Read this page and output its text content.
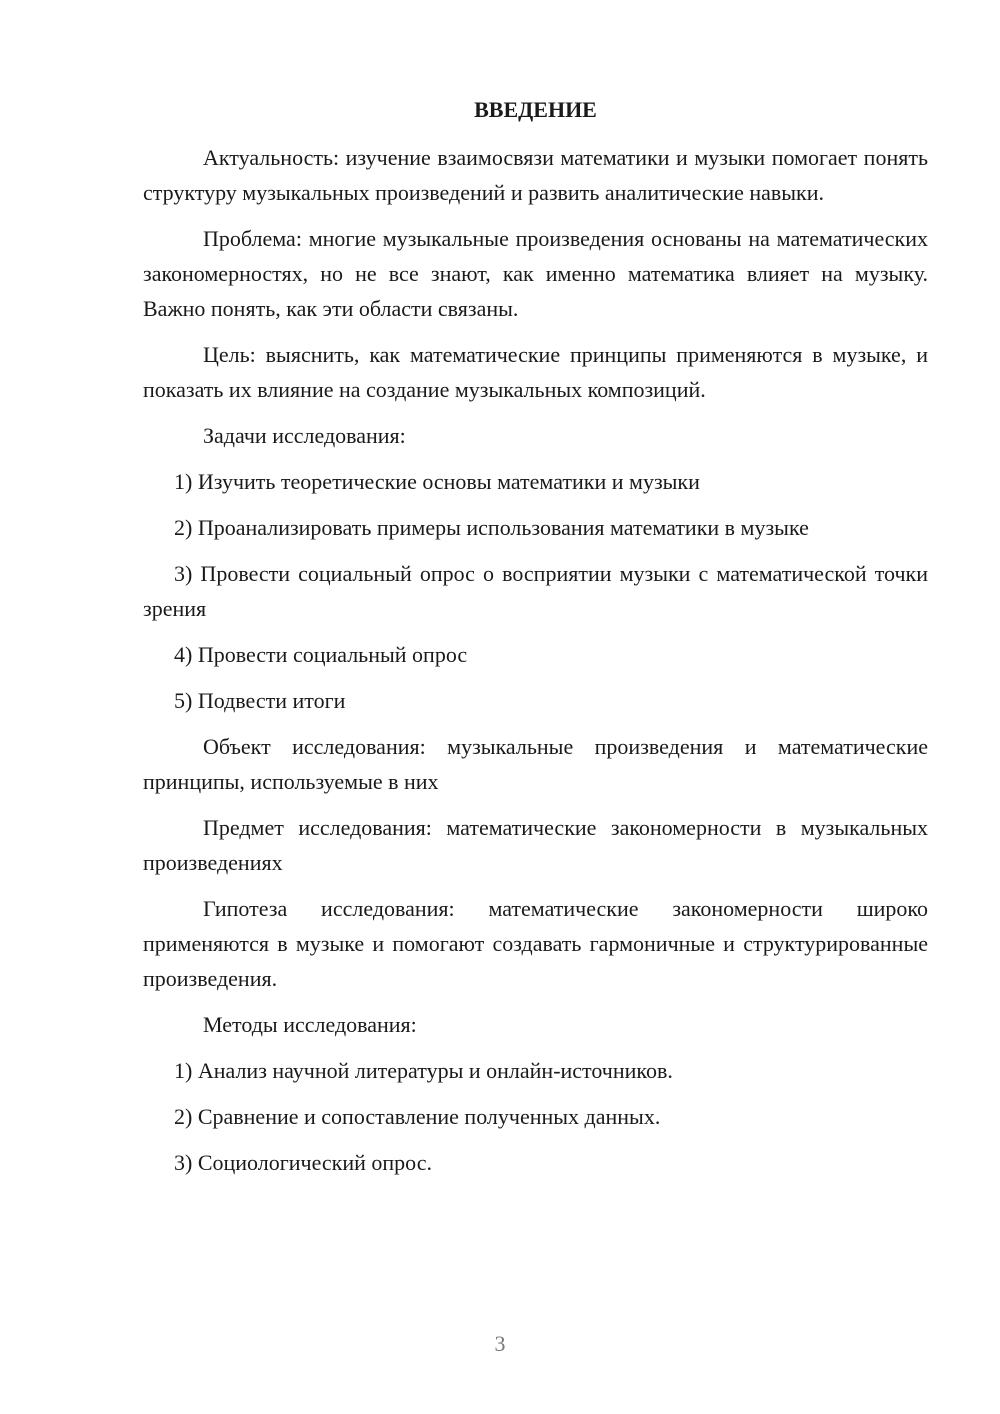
ВВЕДЕНИЕ

Актуальность: изучение взаимосвязи математики и музыки помогает понять структуру музыкальных произведений и развить аналитические навыки.

Проблема: многие музыкальные произведения основаны на математических закономерностях, но не все знают, как именно математика влияет на музыку. Важно понять, как эти области связаны.

Цель: выяснить, как математические принципы применяются в музыке, и показать их влияние на создание музыкальных композиций.

Задачи исследования:

1) Изучить теоретические основы математики и музыки

2) Проанализировать примеры использования математики в музыке

3) Провести социальный опрос о восприятии музыки с математической точки зрения

4) Провести социальный опрос

5) Подвести итоги

Объект исследования: музыкальные произведения и математические принципы, используемые в них

Предмет исследования: математические закономерности в музыкальных произведениях

Гипотеза исследования: математические закономерности широко применяются в музыке и помогают создавать гармоничные и структурированные произведения.

Методы исследования:

1) Анализ научной литературы и онлайн-источников.

2) Сравнение и сопоставление полученных данных.

3) Социологический опрос.

3
